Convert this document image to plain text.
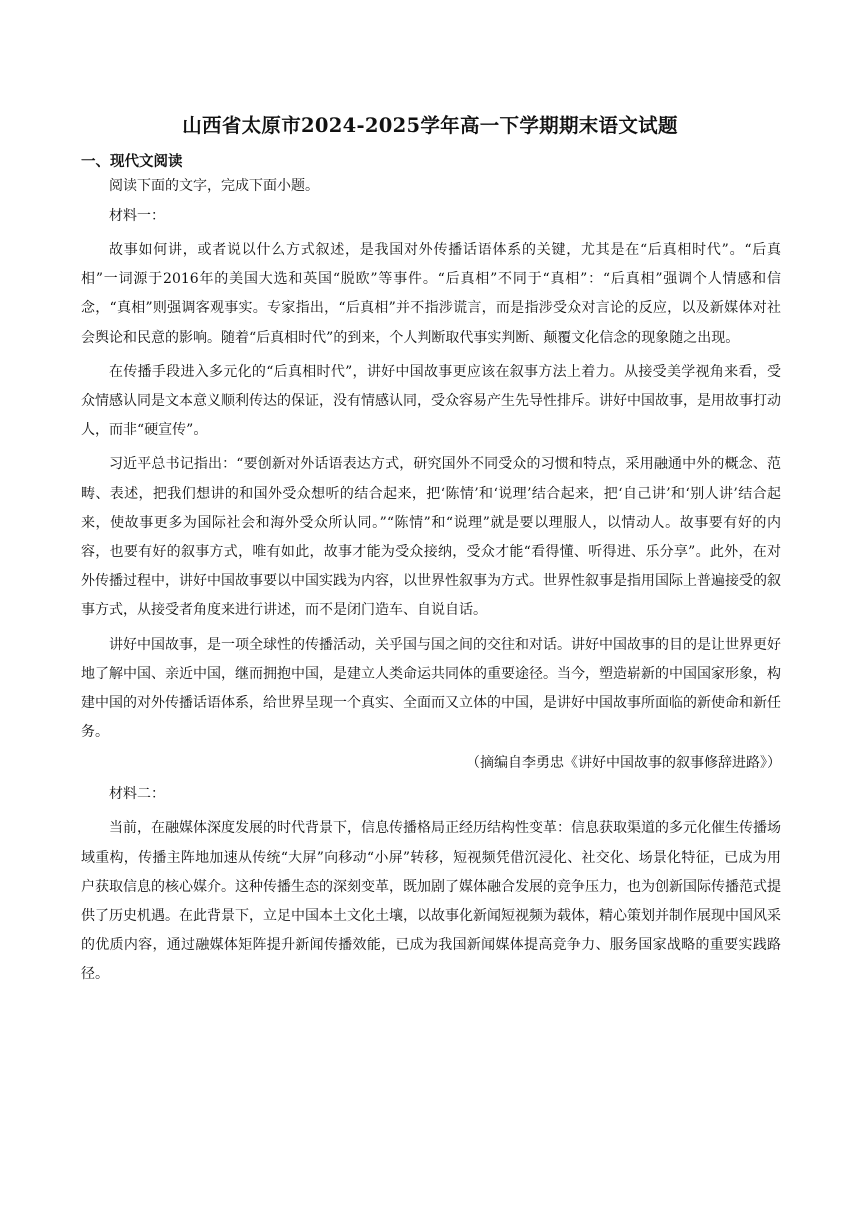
山西省太原市2024-2025学年高一下学期期末语文试题
一、现代文阅读

阅读下面的文字，完成下面小题。

材料一：

故事如何讲，或者说以什么方式叙述，是我国对外传播话语体系的关键，尤其是在“后真相时代”。“后真相”一词源于2016年的美国大选和英国“脱欧”等事件。“后真相”不同于“真相”：“后真相”强调个人情感和信念，“真相”则强调客观事实。专家指出，“后真相”并不指涉谎言，而是指涉受众对言论的反应，以及新媒体对社会舆论和民意的影响。随着“后真相时代”的到来，个人判断取代事实判断、颠覆文化信念的现象随之出现。

在传播手段进入多元化的“后真相时代”，讲好中国故事更应该在叙事方法上着力。从接受美学视角来看，受众情感认同是文本意义顺利传达的保证，没有情感认同，受众容易产生先导性排斥。讲好中国故事，是用故事打动人，而非“硬宣传”。

习近平总书记指出：“要创新对外话语表达方式，研究国外不同受众的习惯和特点，采用融通中外的概念、范畴、表述，把我们想讲的和国外受众想听的结合起来，把‘陈情’和‘说理’结合起来，把‘自己讲’和‘别人讲’结合起来，使故事更多为国际社会和海外受众所认同。”“陈情”和“说理”就是要以理服人，以情动人。故事要有好的内容，也要有好的叙事方式，唯有如此，故事才能为受众接纳，受众才能“看得懂、听得进、乐分享”。此外，在对外传播过程中，讲好中国故事要以中国实践为内容，以世界性叙事为方式。世界性叙事是指用国际上普遍接受的叙事方式，从接受者角度来进行讲述，而不是闭门造车、自说自话。

讲好中国故事，是一项全球性的传播活动，关乎国与国之间的交往和对话。讲好中国故事的目的是让世界更好地了解中国、亲近中国，继而拥抱中国，是建立人类命运共同体的重要途径。当今，塑造崭新的中国国家形象，构建中国的对外传播话语体系，给世界呈现一个真实、全面而又立体的中国，是讲好中国故事所面临的新使命和新任务。

（摘编自李勇忠《讲好中国故事的叙事修辞进路》）

材料二：

当前，在融媒体深度发展的时代背景下，信息传播格局正经历结构性变革：信息获取渠道的多元化催生传播场域重构，传播主阵地加速从传统“大屏”向移动“小屏”转移，短视频凭借沉浸化、社交化、场景化特征，已成为用户获取信息的核心媒介。这种传播生态的深刻变革，既加剧了媒体融合发展的竞争压力，也为创新国际传播范式提供了历史机遇。在此背景下，立足中国本土文化土壤，以故事化新闻短视频为载体，精心策划并制作展现中国风采的优质内容，通过融媒体矩阵提升新闻传播效能，已成为我国新闻媒体提高竞争力、服务国家战略的重要实践路径。
